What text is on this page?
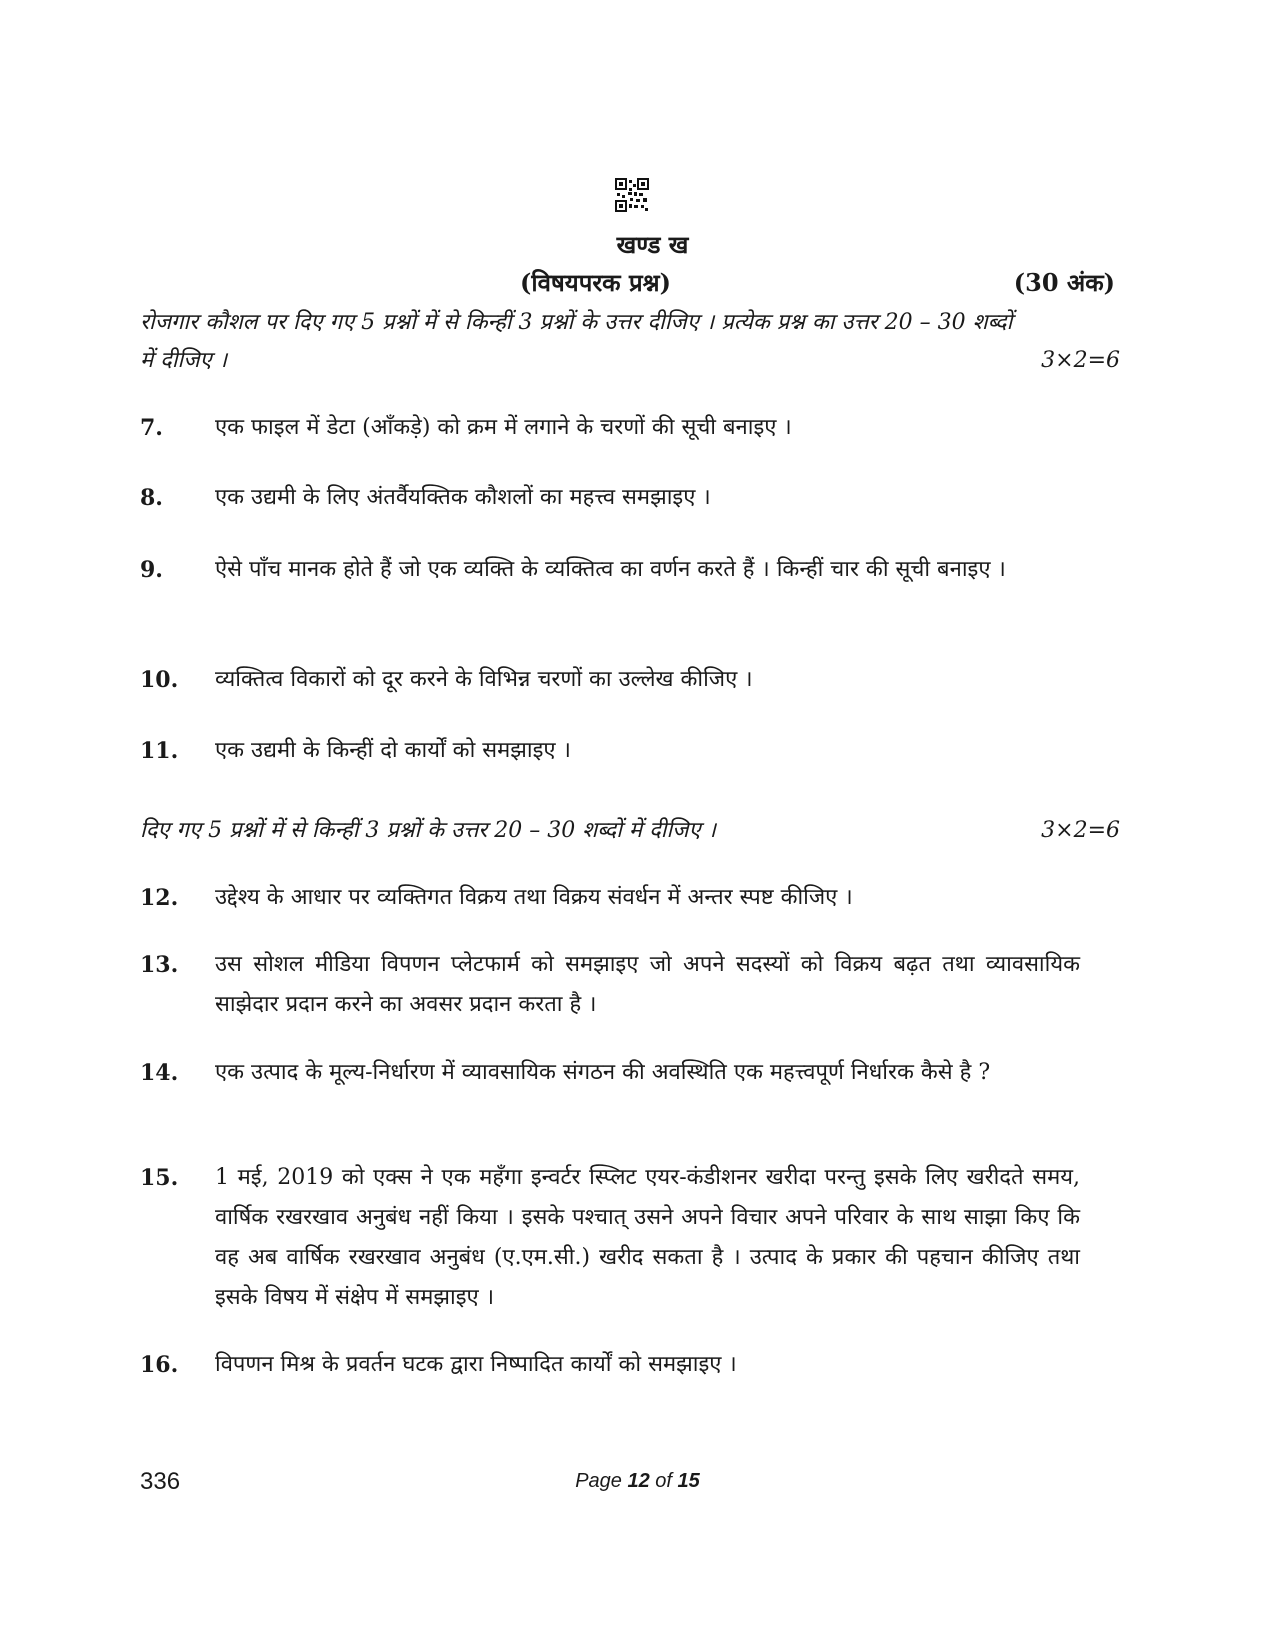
खण्ड ख
(विषयपरक प्रश्न)	(30 अंक)
रोजगार कौशल पर दिए गए 5 प्रश्नों में से किन्हीं 3 प्रश्नों के उत्तर दीजिए । प्रत्येक प्रश्न का उत्तर 20 – 30 शब्दों में दीजिए ।	3×2=6
7. एक फाइल में डेटा (आँकड़े) को क्रम में लगाने के चरणों की सूची बनाइए ।
8. एक उद्यमी के लिए अंतर्वैयक्तिक कौशलों का महत्त्व समझाइए ।
9. ऐसे पाँच मानक होते हैं जो एक व्यक्ति के व्यक्तित्व का वर्णन करते हैं । किन्हीं चार की सूची बनाइए ।
10. व्यक्तित्व विकारों को दूर करने के विभिन्न चरणों का उल्लेख कीजिए ।
11. एक उद्यमी के किन्हीं दो कार्यों को समझाइए ।
दिए गए 5 प्रश्नों में से किन्हीं 3 प्रश्नों के उत्तर 20 – 30 शब्दों में दीजिए ।	3×2=6
12. उद्देश्य के आधार पर व्यक्तिगत विक्रय तथा विक्रय संवर्धन में अन्तर स्पष्ट कीजिए ।
13. उस सोशल मीडिया विपणन प्लेटफार्म को समझाइए जो अपने सदस्यों को विक्रय बढ़त तथा व्यावसायिक साझेदार प्रदान करने का अवसर प्रदान करता है ।
14. एक उत्पाद के मूल्य-निर्धारण में व्यावसायिक संगठन की अवस्थिति एक महत्त्वपूर्ण निर्धारक कैसे है ?
15. 1 मई, 2019 को एक्स ने एक महँगा इन्वर्टर स्प्लिट एयर-कंडीशनर खरीदा परन्तु इसके लिए खरीदते समय, वार्षिक रखरखाव अनुबंध नहीं किया । इसके पश्चात् उसने अपने विचार अपने परिवार के साथ साझा किए कि वह अब वार्षिक रखरखाव अनुबंध (ए.एम.सी.) खरीद सकता है । उत्पाद के प्रकार की पहचान कीजिए तथा इसके विषय में संक्षेप में समझाइए ।
16. विपणन मिश्र के प्रवर्तन घटक द्वारा निष्पादित कार्यों को समझाइए ।
336	Page 12 of 15
